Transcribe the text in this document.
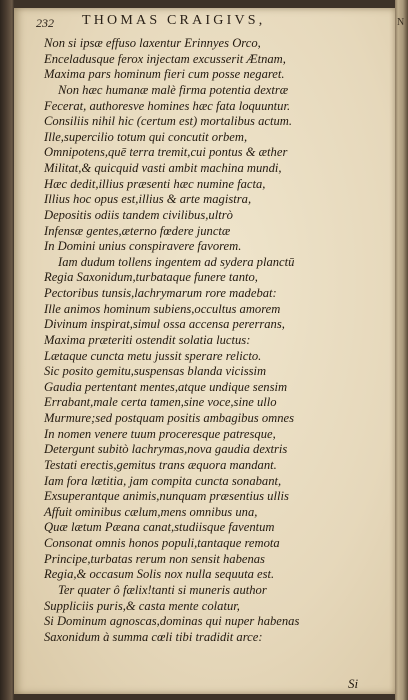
232 THOMAS CRAIGIVS,
Non si ipsæ effuso laxentur Erinnyes Orco,
Enceladusque ferox injectam excusserit Ætnam,
Maxima pars hominum fieri cum posse negaret.
Non hæc humanæ malè firma potentia dextræ
Fecerat, authoresve homines hæc fata loquuntur.
Consiliis nihil hic (certum est) mortalibus actum.
Ille,supercilio totum qui concutit orbem,
Omnipotens,quē terra tremit,cui pontus & æther
Militat,& quicquid vasti ambit machina mundi,
Hæc dedit,illius præsenti hæc numine facta,
Illius hoc opus est,illius & arte magistra,
Depositis odiis tandem civilibus,ultrò
Infensæ gentes,æterno fœdere junctæ
In Domini unius conspiravere favorem.
Iam dudum tollens ingentem ad sydera planctū
Regia Saxonidum,turbataque funere tanto,
Pectoribus tunsis,lachrymarum rore madebat:
Ille animos hominum subiens,occultus amorem
Divinum inspirat,simul ossa accensa pererrans,
Maxima præteriti ostendit solatia luctus:
Lætaque cuncta metu jussit sperare relicto.
Sic posito gemitu,suspensas blanda vicissim
Gaudia pertentant mentes,atque undique sensim
Errabant,male certa tamen,sine voce,sine ullo
Murmure;sed postquam positis ambagibus omnes
In nomen venere tuum proceresque patresque,
Detergunt subitò lachrymas,nova gaudia dextris
Testati erectis,gemitus trans æquora mandant.
Iam fora lætitia, jam compita cuncta sonabant,
Exsuperantque animis,nunquam præsentius ullis
Affuit ominibus cælum,mens omnibus una,
Quæ lætum Pæana canat,studiisque faventum
Consonat omnis honos populi,tantaque remota
Principe,turbatas rerum non sensit habenas
Regia,& occasum Solis nox nulla sequuta est.
Ter quater ô fælix!tanti si muneris author
Suppliciis puris,& casta mente colatur,
Si Dominum agnoscas,dominas qui nuper habenas
Saxonidum à summa cœli tibi tradidit arce:
Si
N
